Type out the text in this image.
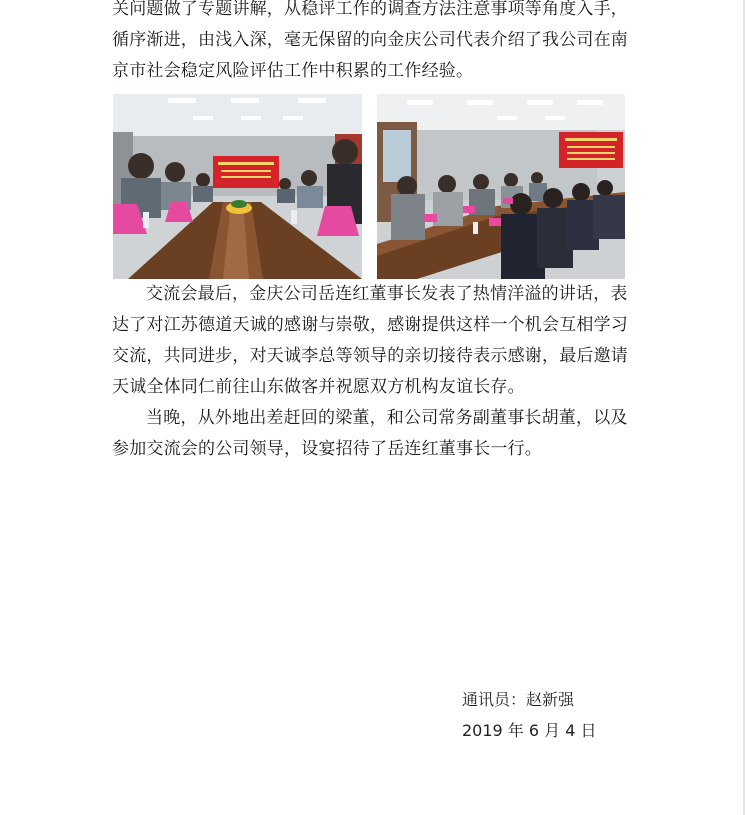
关问题做了专题讲解，从稳评工作的调查方法注意事项等角度入手，

循序渐进，由浅入深，毫无保留的向金庆公司代表介绍了我公司在南

京市社会稳定风险评估工作中积累的工作经验。

交流会最后，金庆公司岳连红董事长发表了热情洋溢的讲话，表达了对江苏德道天诚的感谢与崇敬，感谢提供这样一个机会互相学习交流，共同进步，对天诚李总等领导的亲切接待表示感谢，最后邀请天诚全体同仁前往山东做客并祝愿双方机构友谊长存。

当晚，从外地出差赶回的梁董，和公司常务副董事长胡董，以及参加交流会的公司领导，设宴招待了岳连红董事长一行。

通讯员：赵新强
2019 年 6 月 4 日
